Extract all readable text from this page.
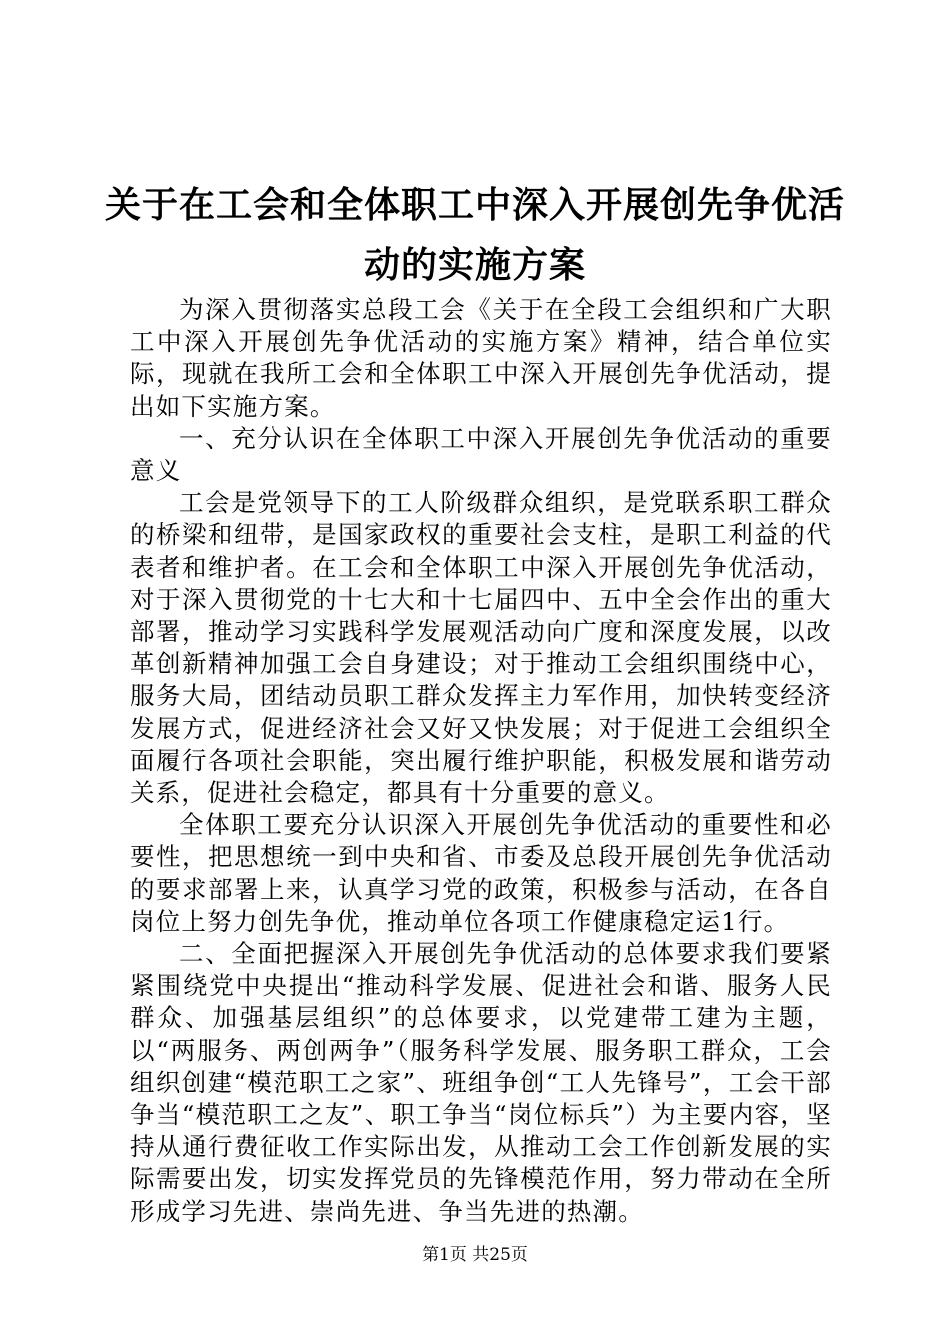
关于在工会和全体职工中深入开展创先争优活
动的实施方案

为深入贯彻落实总段工会《关于在全段工会组织和广大职工中深入开展创先争优活动的实施方案》精神，结合单位实际，现就在我所工会和全体职工中深入开展创先争优活动，提出如下实施方案。

一、充分认识在全体职工中深入开展创先争优活动的重要意义

工会是党领导下的工人阶级群众组织，是党联系职工群众的桥梁和纽带，是国家政权的重要社会支柱，是职工利益的代表者和维护者。在工会和全体职工中深入开展创先争优活动，对于深入贯彻党的十七大和十七届四中、五中全会作出的重大部署，推动学习实践科学发展观活动向广度和深度发展，以改革创新精神加强工会自身建设；对于推动工会组织围绕中心，服务大局，团结动员职工群众发挥主力军作用，加快转变经济发展方式，促进经济社会又好又快发展；对于促进工会组织全面履行各项社会职能，突出履行维护职能，积极发展和谐劳动关系，促进社会稳定，都具有十分重要的意义。

全体职工要充分认识深入开展创先争优活动的重要性和必要性，把思想统一到中央和省、市委及总段开展创先争优活动的要求部署上来，认真学习党的政策，积极参与活动，在各自岗位上努力创先争优，推动单位各项工作健康稳定运1行。

二、全面把握深入开展创先争优活动的总体要求我们要紧紧围绕党中央提出“推动科学发展、促进社会和谐、服务人民群众、加强基层组织”的总体要求，以党建带工建为主题，以“两服务、两创两争”（服务科学发展、服务职工群众，工会组织创建“模范职工之家”、班组争创“工人先锋号”，工会干部争当“模范职工之友”、职工争当“岗位标兵”）为主要内容，坚持从通行费征收工作实际出发，从推动工会工作创新发展的实际需要出发，切实发挥党员的先锋模范作用，努力带动在全所形成学习先进、崇尚先进、争当先进的热潮。

第1页 共25页
